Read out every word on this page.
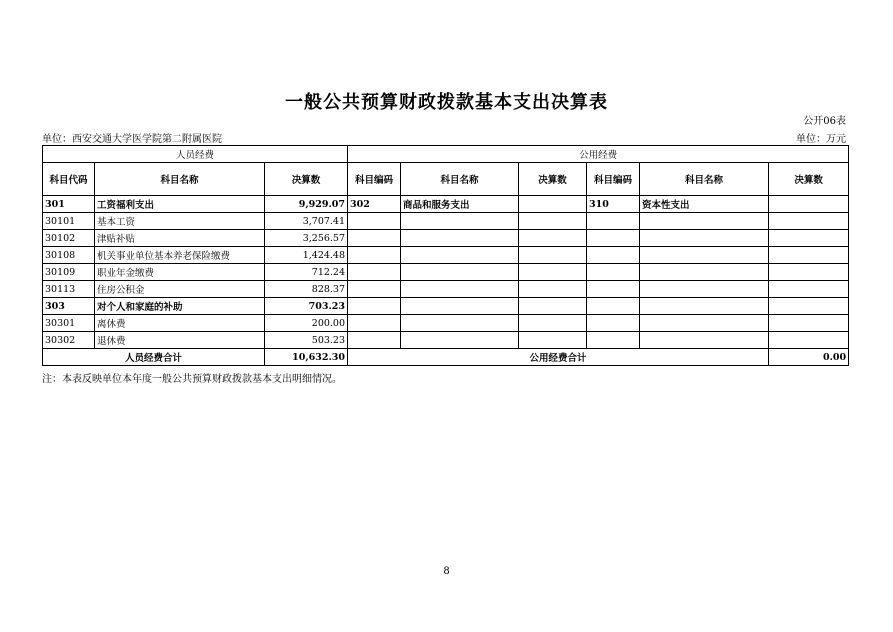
一般公共预算财政拨款基本支出决算表
公开06表
单位：西安交通大学医学院第二附属医院	单位：万元
人员经费			公用经费					
科目代码	科目名称	决算数	科目编码	科目名称	决算数	科目编码	科目名称	决算数
301	工资福利支出	9,929.07	302	商品和服务支出		310	资本性支出	
30101	基本工资	3,707.41						
30102	津贴补贴	3,256.57						
30108	机关事业单位基本养老保险缴费	1,424.48						
30109	职业年金缴费	712.24						
30113	住房公积金	828.37						
303	对个人和家庭的补助	703.23						
30301	离休费	200.00						
30302	退休费	503.23						
人员经费合计		10,632.30	公用经费合计					0.00
注：本表反映单位本年度一般公共预算财政拨款基本支出明细情况。
8
